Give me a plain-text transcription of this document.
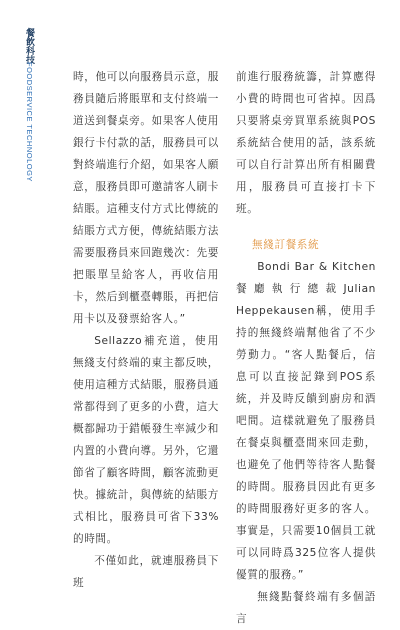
餐飲科技
FOODSERVICE TECHNOLOGY	時，他可以向服務員示意，服務員隨后將賬單和支付終端一道送到餐桌旁。如果客人使用銀行卡付款的話，服務員可以對終端進行介紹，如果客人願意，服務員即可邀請客人刷卡結賬。這種支付方式比傳統的結賬方式方便，傳統結賬方法需要服務員來回跑幾次：先要把賬單呈給客人，再收信用卡，然后到櫃臺轉賬，再把信用卡以及發票給客人。”

Sellazzo補充道，使用無綫支付終端的東主都反映，使用這種方式結賬，服務員通常都得到了更多的小費，這大概都歸功于錯帳發生率減少和内置的小費向導。另外，它還節省了顧客時間，顧客流動更快。據統計，與傳統的結賬方式相比，服務員可省下33%的時間。

不僅如此，就連服務員下班

前進行服務統籌，計算應得小費的時間也可省掉。因爲只要將桌旁買單系統與POS系統結合使用的話，該系統可以自行計算出所有相關費用，服務員可直接打卡下班。

無綫訂餐系統

Bondi Bar & Kitchen餐廳執行總裁Julian Heppekausen稱，使用手持的無綫終端幫他省了不少勞動力。“客人點餐后，信息可以直接記錄到POS系統，并及時反饋到廚房和酒吧間。這樣就避免了服務員在餐桌與櫃臺間來回走動，也避免了他們等待客人點餐的時間。服務員因此有更多的時間服務好更多的客人。事實是，只需要10個員工就可以同時爲325位客人提供優質的服務。”

無綫點餐終端有多個語言
